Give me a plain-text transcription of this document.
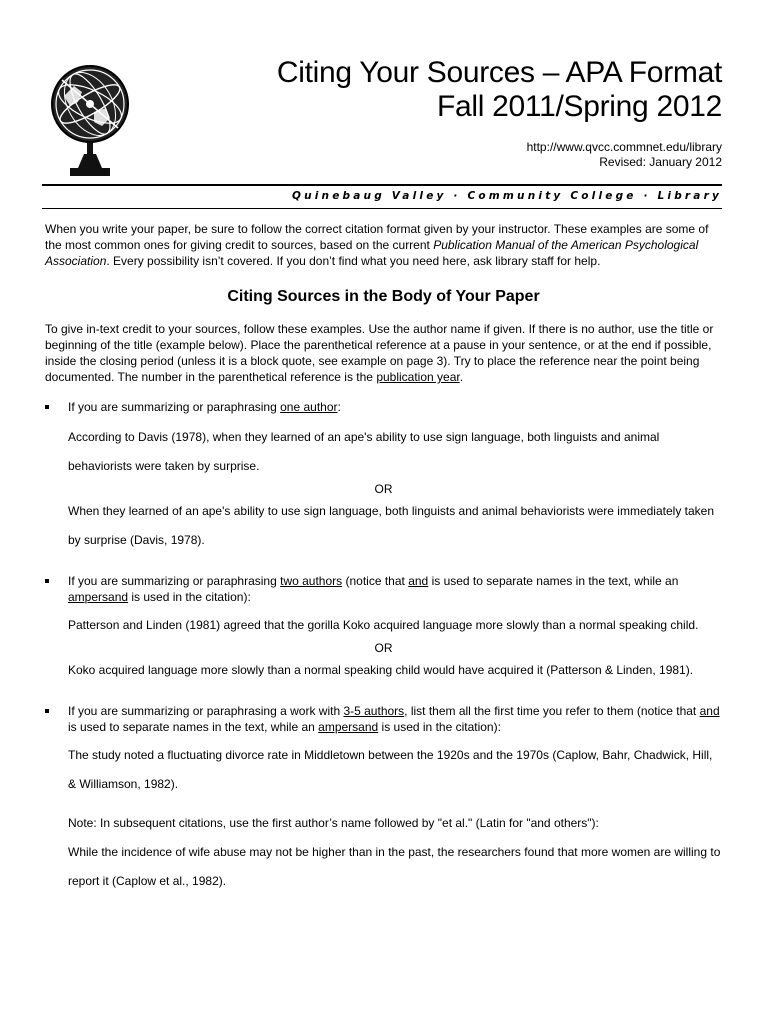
Citing Your Sources – APA Format
Fall 2011/Spring 2012
http://www.qvcc.commnet.edu/library
Revised: January 2012
Quinebaug Valley · Community College · Library

When you write your paper, be sure to follow the correct citation format given by your instructor. These examples are some of the most common ones for giving credit to sources, based on the current Publication Manual of the American Psychological Association. Every possibility isn’t covered. If you don’t find what you need here, ask library staff for help.

Citing Sources in the Body of Your Paper

To give in-text credit to your sources, follow these examples. Use the author name if given. If there is no author, use the title or beginning of the title (example below). Place the parenthetical reference at a pause in your sentence, or at the end if possible, inside the closing period (unless it is a block quote, see example on page 3). Try to place the reference near the point being documented. The number in the parenthetical reference is the publication year.

If you are summarizing or paraphrasing one author:

According to Davis (1978), when they learned of an ape's ability to use sign language, both linguists and animal behaviorists were taken by surprise.

OR

When they learned of an ape's ability to use sign language, both linguists and animal behaviorists were immediately taken by surprise (Davis, 1978).

If you are summarizing or paraphrasing two authors (notice that and is used to separate names in the text, while an ampersand is used in the citation):

Patterson and Linden (1981) agreed that the gorilla Koko acquired language more slowly than a normal speaking child.

OR

Koko acquired language more slowly than a normal speaking child would have acquired it (Patterson & Linden, 1981).

If you are summarizing or paraphrasing a work with 3-5 authors, list them all the first time you refer to them (notice that and is used to separate names in the text, while an ampersand is used in the citation):

The study noted a fluctuating divorce rate in Middletown between the 1920s and the 1970s (Caplow, Bahr, Chadwick, Hill, & Williamson, 1982).

Note: In subsequent citations, use the first author’s name followed by "et al." (Latin for "and others"):

While the incidence of wife abuse may not be higher than in the past, the researchers found that more women are willing to report it (Caplow et al., 1982).
